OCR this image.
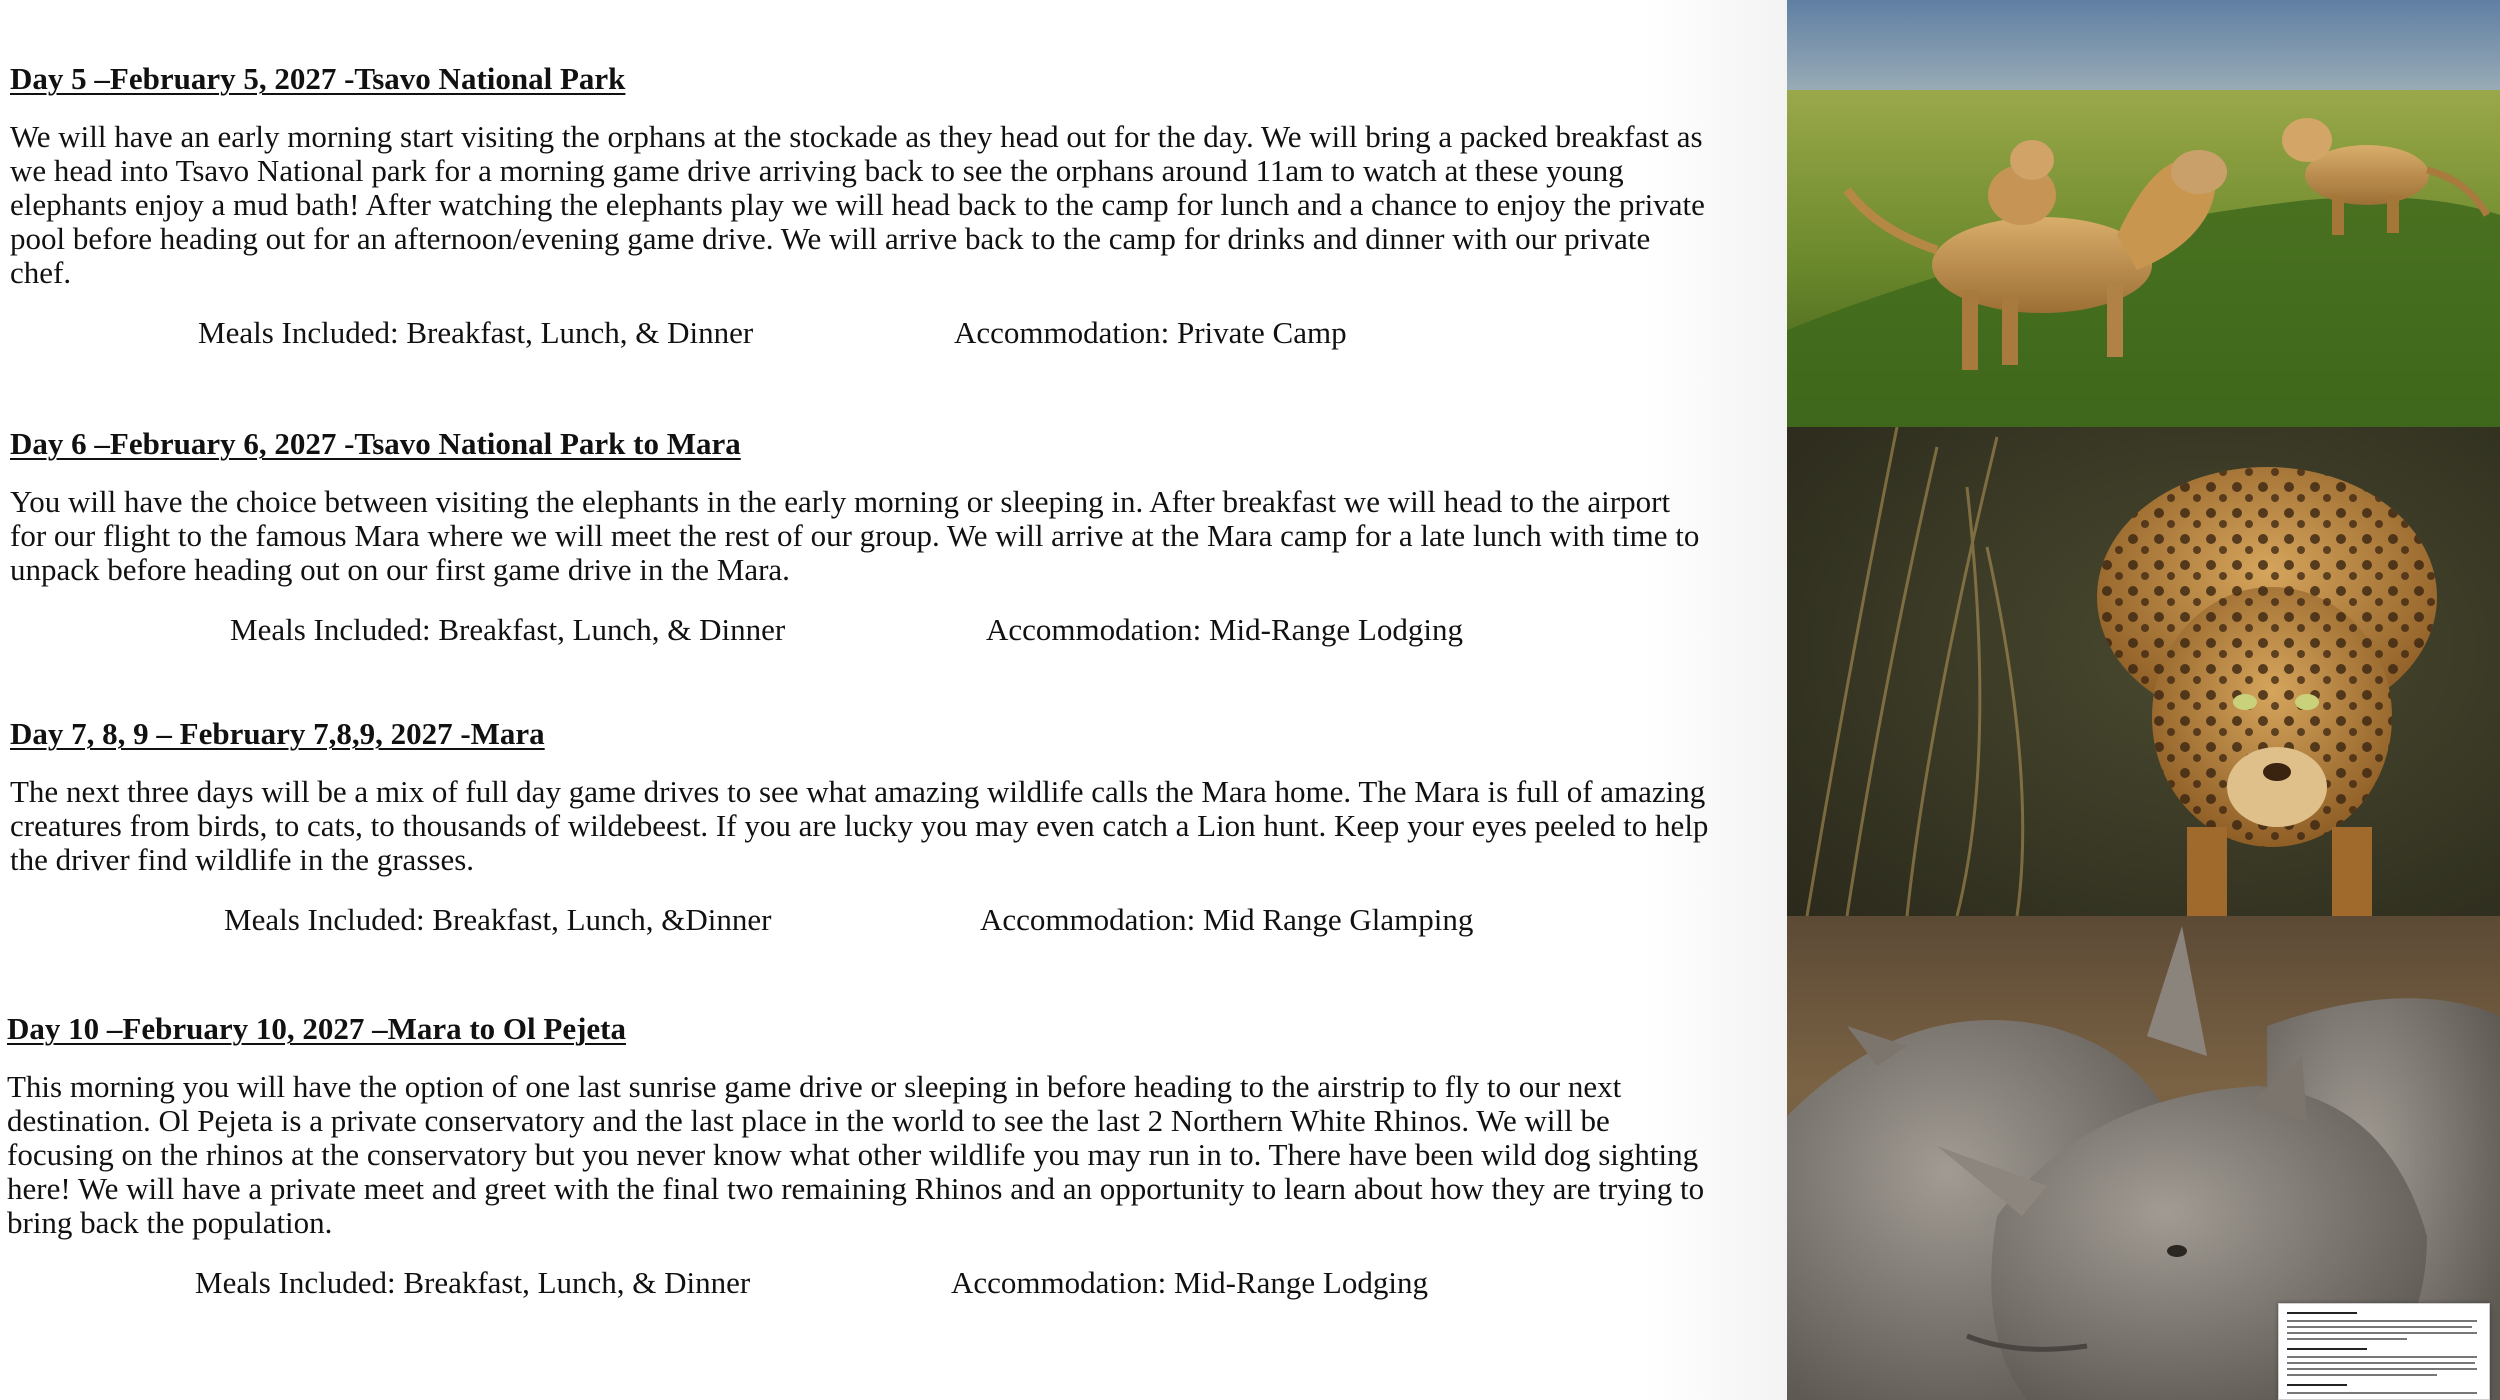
Day 5 –February 5, 2027 -Tsavo National Park

We will have an early morning start visiting the orphans at the stockade as they head out for the day. We will bring a packed breakfast as we head into Tsavo National park for a morning game drive arriving back to see the orphans around 11am to watch at these young elephants enjoy a mud bath! After watching the elephants play we will head back to the camp for lunch and a chance to enjoy the private pool before heading out for an afternoon/evening game drive. We will arrive back to the camp for drinks and dinner with our private chef.

Meals Included: Breakfast, Lunch, & Dinner	Accommodation: Private Camp
Day 6 –February 6, 2027 -Tsavo National Park to Mara

You will have the choice between visiting the elephants in the early morning or sleeping in. After breakfast we will head to the airport for our flight to the famous Mara where we will meet the rest of our group. We will arrive at the Mara camp for a late lunch with time to unpack before heading out on our first game drive in the Mara.

Meals Included: Breakfast, Lunch, & Dinner	Accommodation: Mid-Range Lodging
Day 7, 8, 9 – February 7,8,9, 2027 -Mara

The next three days will be a mix of full day game drives to see what amazing wildlife calls the Mara home. The Mara is full of amazing creatures from birds, to cats, to thousands of wildebeest. If you are lucky you may even catch a Lion hunt. Keep your eyes peeled to help the driver find wildlife in the grasses.

Meals Included: Breakfast, Lunch, &Dinner	Accommodation: Mid Range Glamping
Day 10 –February 10, 2027 –Mara to Ol Pejeta

This morning you will have the option of one last sunrise game drive or sleeping in before heading to the airstrip to fly to our next destination. Ol Pejeta is a private conservatory and the last place in the world to see the last 2 Northern White Rhinos. We will be focusing on the rhinos at the conservatory but you never know what other wildlife you may run in to. There have been wild dog sighting here! We will have a private meet and greet with the final two remaining Rhinos and an opportunity to learn about how they are trying to bring back the population.

Meals Included: Breakfast, Lunch, & Dinner	Accommodation: Mid-Range Lodging
